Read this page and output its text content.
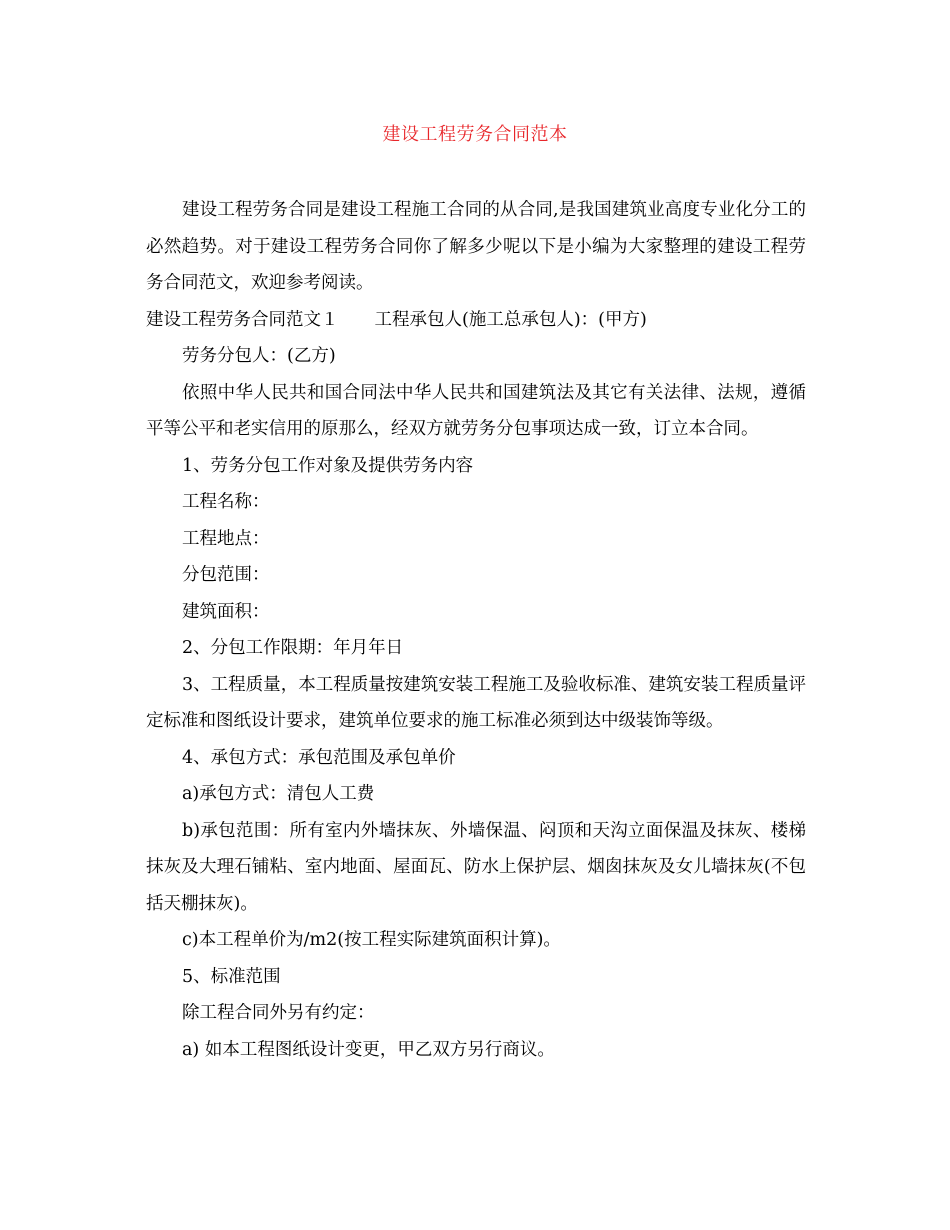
建设工程劳务合同范本

建设工程劳务合同是建设工程施工合同的从合同,是我国建筑业高度专业化分工的必然趋势。对于建设工程劳务合同你了解多少呢以下是小编为大家整理的建设工程劳务合同范文，欢迎参考阅读。

建设工程劳务合同范文１ 工程承包人(施工总承包人)：(甲方)

劳务分包人：(乙方)

依照中华人民共和国合同法中华人民共和国建筑法及其它有关法律、法规，遵循平等公平和老实信用的原那么，经双方就劳务分包事项达成一致，订立本合同。

1、劳务分包工作对象及提供劳务内容

工程名称：

工程地点：

分包范围：

建筑面积：

2、分包工作限期：年月年日

3、工程质量，本工程质量按建筑安装工程施工及验收标准、建筑安装工程质量评定标准和图纸设计要求，建筑单位要求的施工标准必须到达中级装饰等级。

4、承包方式：承包范围及承包单价

a)承包方式：清包人工费

b)承包范围：所有室内外墙抹灰、外墙保温、闷顶和天沟立面保温及抹灰、楼梯抹灰及大理石铺粘、室内地面、屋面瓦、防水上保护层、烟囱抹灰及女儿墙抹灰(不包括天棚抹灰)。

c)本工程单价为/m2(按工程实际建筑面积计算)。

5、标准范围

除工程合同外另有约定：

a) 如本工程图纸设计变更，甲乙双方另行商议。
